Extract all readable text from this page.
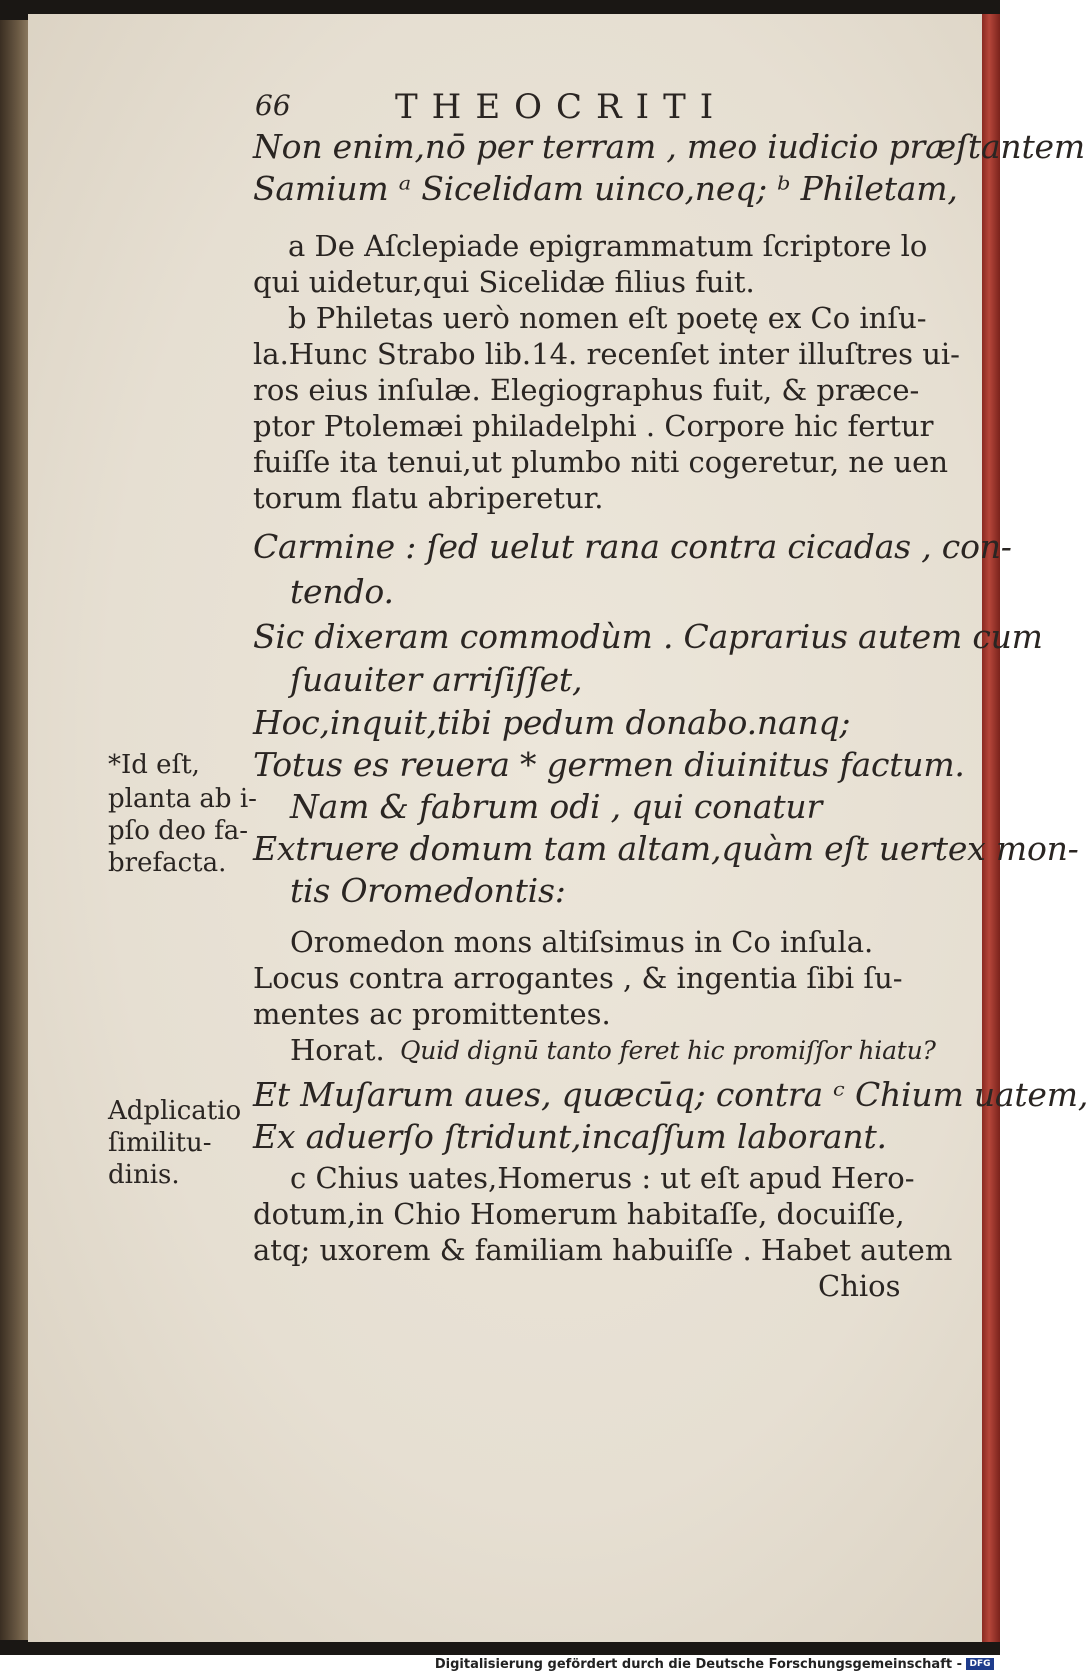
66	THEOCRITI
Non enim,nō per terram , meo iudicio præſtantem
Samium ᵃ Sicelidam uinco,neq; ᵇ Philetam,
a De Aſclepiade epigrammatum ſcriptore lo
qui uidetur,qui Sicelidæ filius fuit.
b Philetas uerò nomen eſt poetę ex Co inſu-
la.Hunc Strabo lib.14. recenſet inter illuſtres ui-
ros eius inſulæ. Elegiographus fuit, & præce-
ptor Ptolemæi philadelphi . Corpore hic fertur
fuiſſe ita tenui,ut plumbo niti cogeretur, ne uen
torum flatu abriperetur.
Carmine : ſed uelut rana contra cicadas , con-
tendo.
Sic dixeram commodùm . Caprarius autem cum
ſuauiter arriſiſſet,
Hoc,inquit,tibi pedum donabo.nanq;
Totus es reuera * germen diuinitus factum.
Nam & fabrum odi , qui conatur
Extruere domum tam altam,quàm eſt uertex mon-
tis Oromedontis:
Oromedon mons altiſsimus in Co inſula.
Locus contra arrogantes , & ingentia ſibi ſu-
mentes ac promittentes.
Horat. Quid dignū tanto feret hic promiſſor hiatu?
Et Muſarum aues, quæcūq; contra ᶜ Chium uatem,
Ex aduerſo ſtridunt,incaſſum laborant.
c Chius uates,Homerus : ut eſt apud Hero-
dotum,in Chio Homerum habitaſſe, docuiſſe,
atq; uxorem & familiam habuiſſe . Habet autem
Chios
*Id eſt,
planta ab i-
pſo deo fa-
brefacta.
Adplicatio
ſimilitu-
dinis.
Digitalisierung gefördert durch die Deutsche Forschungsgemeinschaft - DFG
